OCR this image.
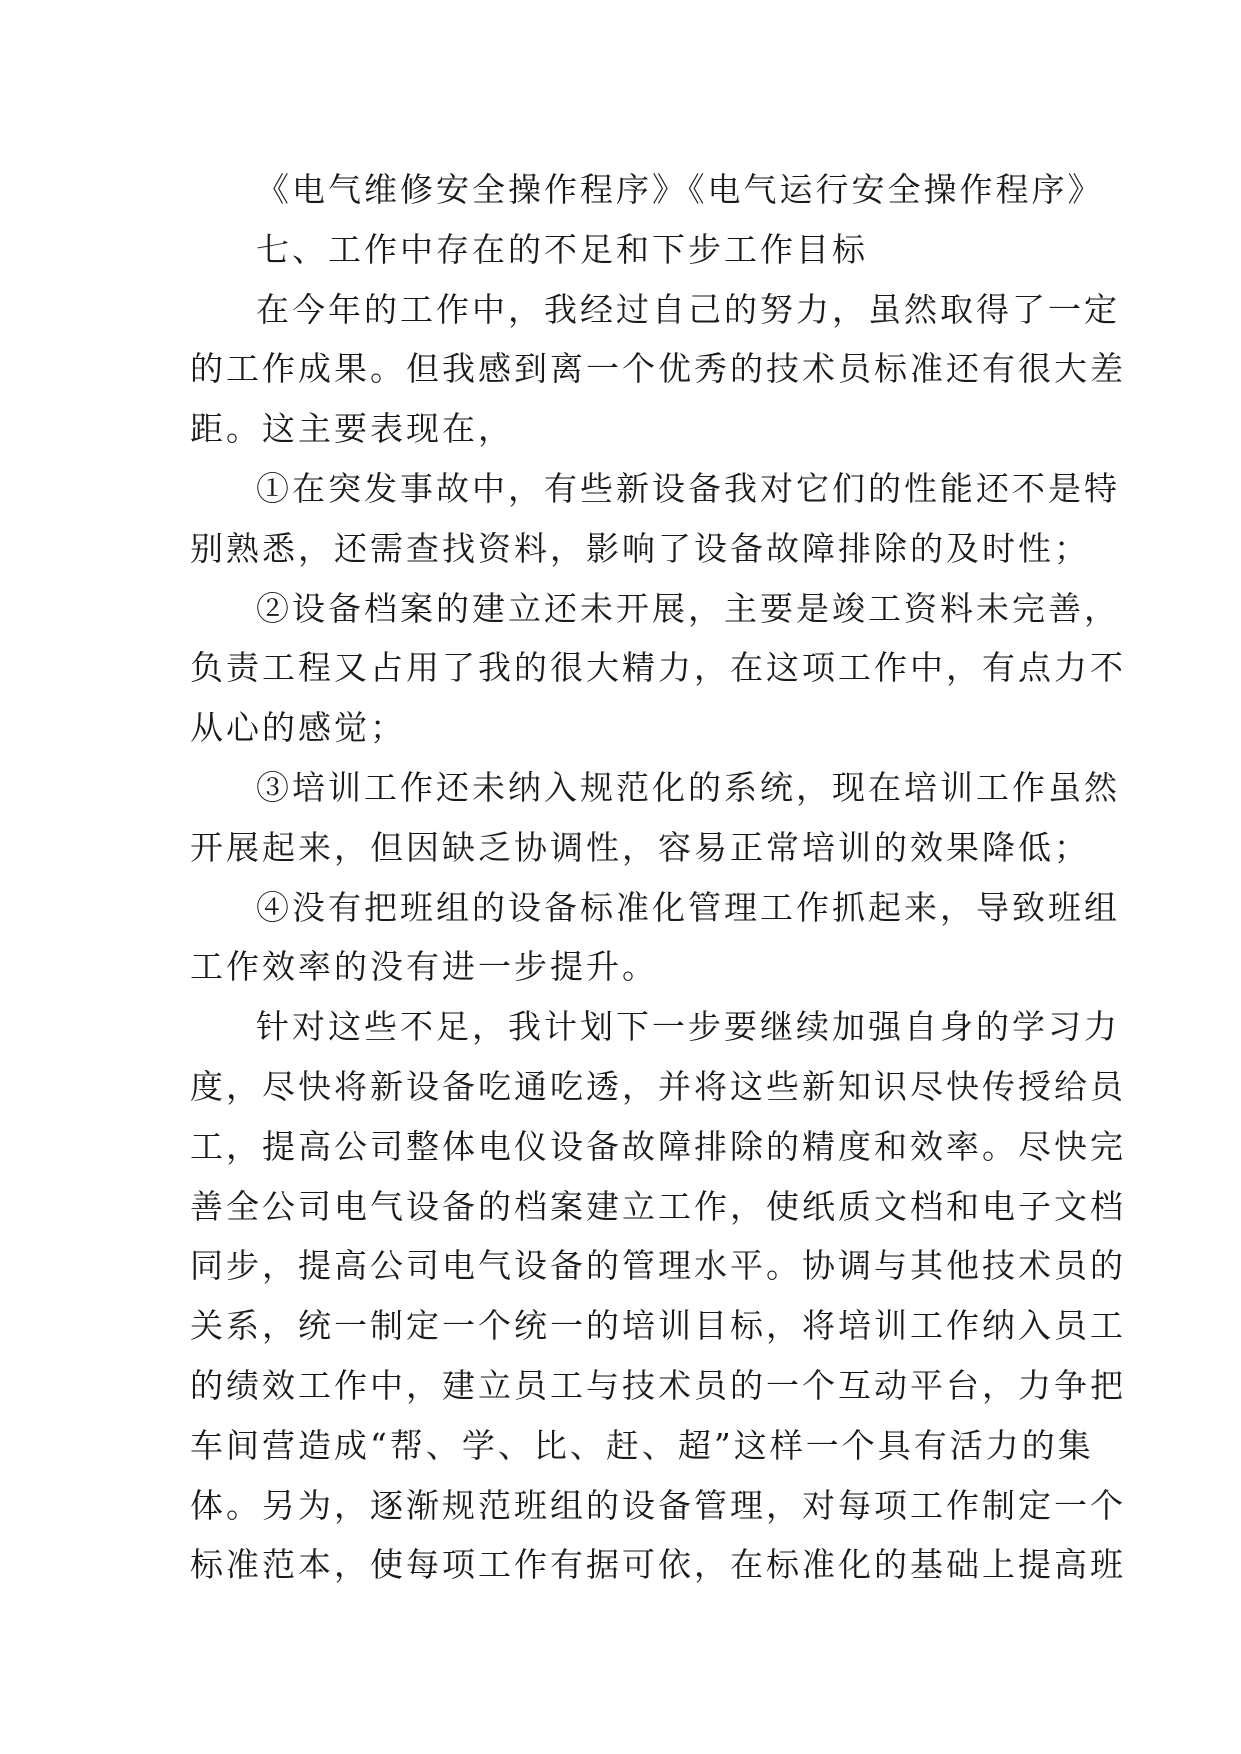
《电气维修安全操作程序》《电气运行安全操作程序》
七、工作中存在的不足和下步工作目标
在今年的工作中，我经过自己的努力，虽然取得了一定
的工作成果。但我感到离一个优秀的技术员标准还有很大差
距。这主要表现在，
①在突发事故中，有些新设备我对它们的性能还不是特
别熟悉，还需查找资料，影响了设备故障排除的及时性；
②设备档案的建立还未开展，主要是竣工资料未完善，
负责工程又占用了我的很大精力，在这项工作中，有点力不
从心的感觉；
③培训工作还未纳入规范化的系统，现在培训工作虽然
开展起来，但因缺乏协调性，容易正常培训的效果降低；
④没有把班组的设备标准化管理工作抓起来，导致班组
工作效率的没有进一步提升。
针对这些不足，我计划下一步要继续加强自身的学习力
度，尽快将新设备吃通吃透，并将这些新知识尽快传授给员
工，提高公司整体电仪设备故障排除的精度和效率。尽快完
善全公司电气设备的档案建立工作，使纸质文档和电子文档
同步，提高公司电气设备的管理水平。协调与其他技术员的
关系，统一制定一个统一的培训目标，将培训工作纳入员工
的绩效工作中，建立员工与技术员的一个互动平台，力争把
车间营造成“帮、学、比、赶、超”这样一个具有活力的集
体。另为，逐渐规范班组的设备管理，对每项工作制定一个
标准范本，使每项工作有据可依，在标准化的基础上提高班
